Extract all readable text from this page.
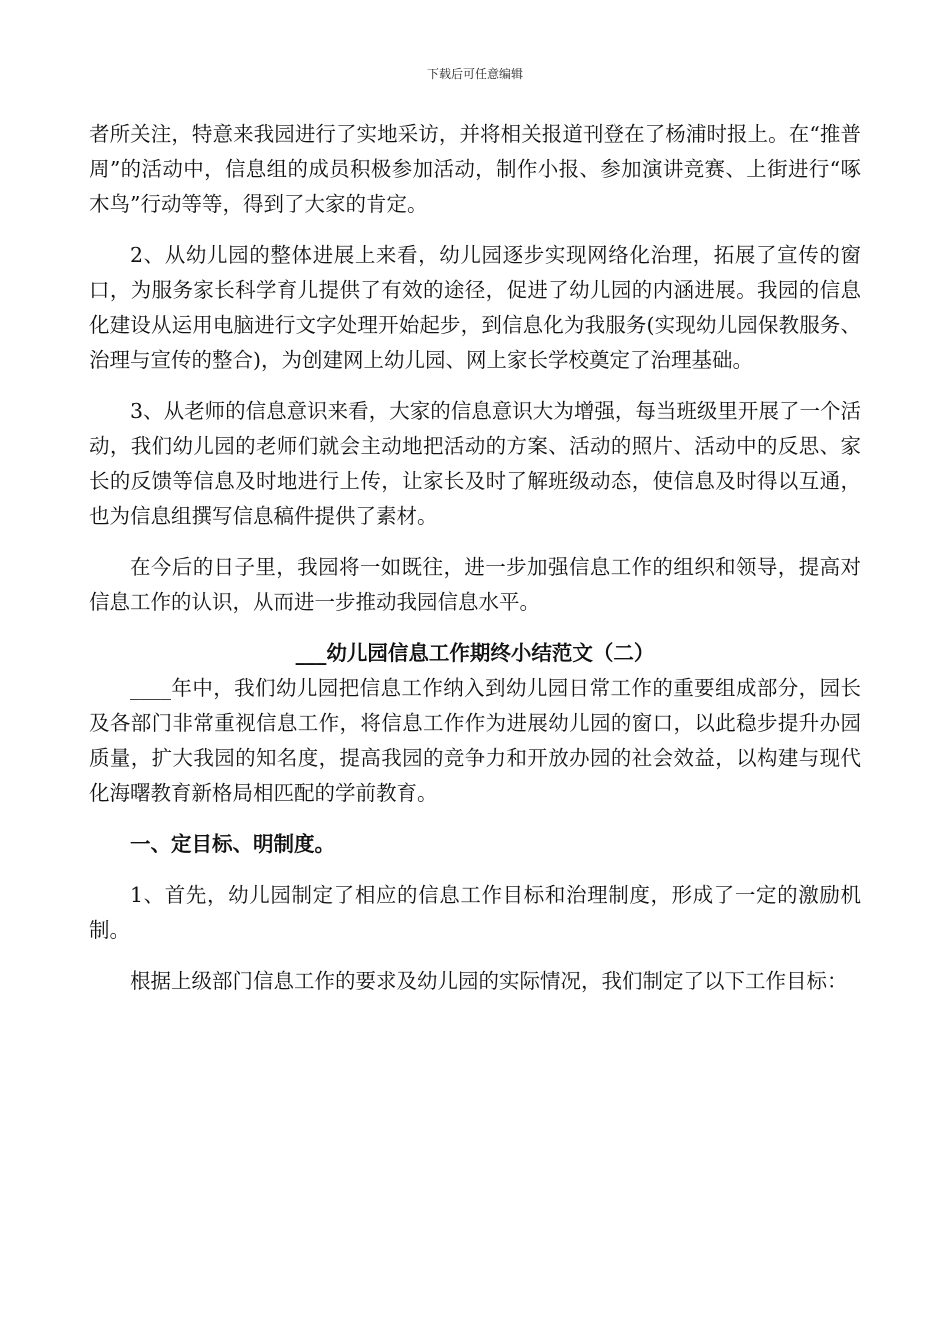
下载后可任意编辑

者所关注，特意来我园进行了实地采访，并将相关报道刊登在了杨浦时报上。在“推普周”的活动中，信息组的成员积极参加活动，制作小报、参加演讲竞赛、上街进行“啄木鸟”行动等等，得到了大家的肯定。

2、从幼儿园的整体进展上来看，幼儿园逐步实现网络化治理，拓展了宣传的窗口，为服务家长科学育儿提供了有效的途径，促进了幼儿园的内涵进展。我园的信息化建设从运用电脑进行文字处理开始起步，到信息化为我服务(实现幼儿园保教服务、治理与宣传的整合)，为创建网上幼儿园、网上家长学校奠定了治理基础。

3、从老师的信息意识来看，大家的信息意识大为增强，每当班级里开展了一个活动，我们幼儿园的老师们就会主动地把活动的方案、活动的照片、活动中的反思、家长的反馈等信息及时地进行上传，让家长及时了解班级动态，使信息及时得以互通，也为信息组撰写信息稿件提供了素材。

在今后的日子里，我园将一如既往，进一步加强信息工作的组织和领导，提高对信息工作的认识，从而进一步推动我园信息水平。

___幼儿园信息工作期终小结范文（二）

____年中，我们幼儿园把信息工作纳入到幼儿园日常工作的重要组成部分，园长及各部门非常重视信息工作，将信息工作作为进展幼儿园的窗口，以此稳步提升办园质量，扩大我园的知名度，提高我园的竞争力和开放办园的社会效益，以构建与现代化海曙教育新格局相匹配的学前教育。

一、定目标、明制度。

1、首先，幼儿园制定了相应的信息工作目标和治理制度，形成了一定的激励机制。

根据上级部门信息工作的要求及幼儿园的实际情况，我们制定了以下工作目标：
